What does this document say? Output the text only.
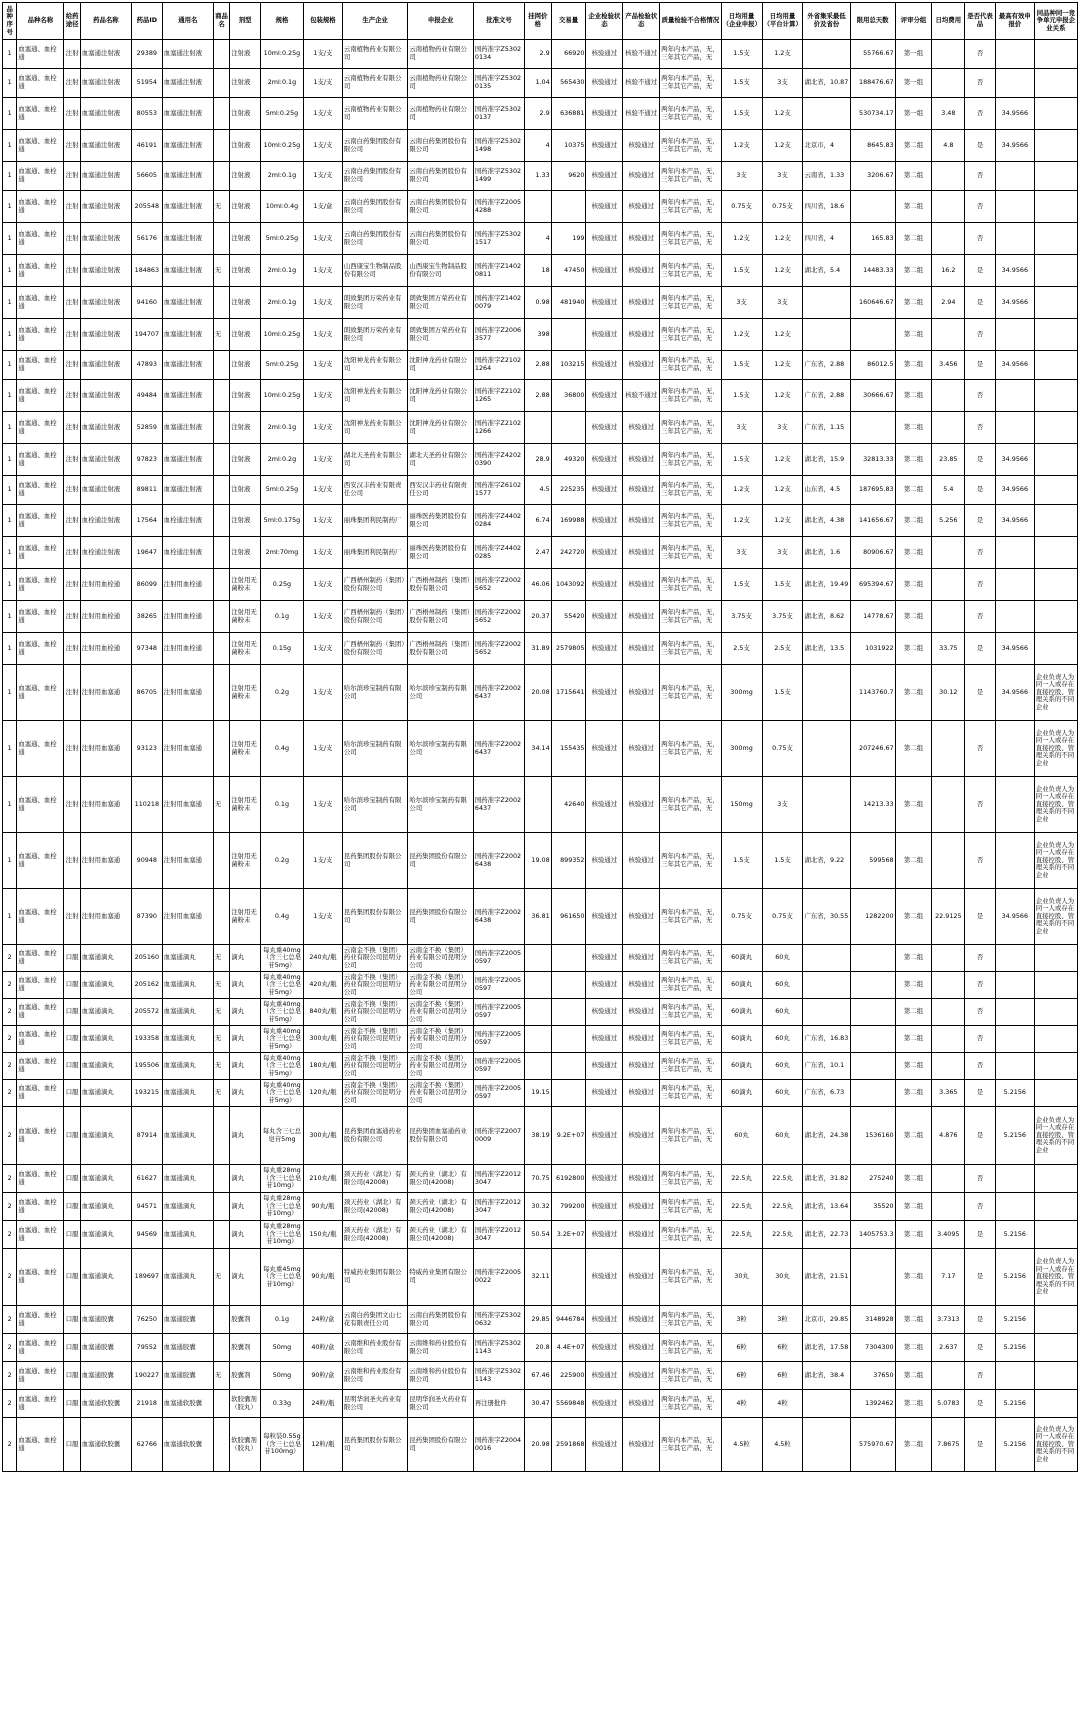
品种序号	品种名称	给药途径	药品名称	药品ID	通用名	商品名	剂型	规格	包装规格	生产企业	申报企业	批准文号	挂网价格	交易量	企业检验状态	产品检验状态	质量检验不合格情况	日均用量（企业申报）	日均用量（平台计算）	外省集采最低价及省份	限用总天数	评审分组	日均费用	是否代表品	最高有效申报价	同品种同一竞争单元申报企业关系
1	血塞通、血栓通	注射	血塞通注射液	29389	血塞通注射液		注射液	10ml:0.25g	1支/支	云南植物药业有限公司	云南植物药业有限公司	国药准字Z53020134	2.9	66920	核验通过	核验不通过	两年内本产品，无，三年其它产品，无	1.5支	1.2支		55766.67	第一组		否		
1	血塞通、血栓通	注射	血塞通注射液	51954	血塞通注射液		注射液	2ml:0.1g	1支/支	云南植物药业有限公司	云南植物药业有限公司	国药准字Z53020135	1.04	565430	核验通过	核验不通过	两年内本产品，无，三年其它产品，无	1.5支	3支	湖北省，10.87	188476.67	第一组		否		
1	血塞通、血栓通	注射	血塞通注射液	80553	血塞通注射液		注射液	5ml:0.25g	1支/支	云南植物药业有限公司	云南植物药业有限公司	国药准字Z53020137	2.9	636881	核验通过	核验不通过	两年内本产品，无，三年其它产品，无	1.5支	1.2支		530734.17	第一组	3.48	否	34.9566	
1	血塞通、血栓通	注射	血塞通注射液	46191	血塞通注射液		注射液	10ml:0.25g	1支/支	云南白药集团股份有限公司	云南白药集团股份有限公司	国药准字Z53021498	4	10375	核验通过	核验通过	两年内本产品，无，三年其它产品，无	1.2支	1.2支	北京市，4	8645.83	第二组	4.8	是	34.9566	
1	血塞通、血栓通	注射	血塞通注射液	56605	血塞通注射液		注射液	2ml:0.1g	1支/支	云南白药集团股份有限公司	云南白药集团股份有限公司	国药准字Z53021499	1.33	9620	核验通过	核验通过	两年内本产品，无，三年其它产品，无	3支	3支	云南省，1.33	3206.67	第二组		否		
1	血塞通、血栓通	注射	血塞通注射液	205548	血塞通注射液	无	注射液	10ml:0.4g	1支/盒	云南白药集团股份有限公司	云南白药集团股份有限公司	国药准字Z20054288			核验通过	核验通过	两年内本产品，无，三年其它产品，无	0.75支	0.75支	四川省，18.6		第二组		否		
1	血塞通、血栓通	注射	血塞通注射液	56176	血塞通注射液		注射液	5ml:0.25g	1支/支	云南白药集团股份有限公司	云南白药集团股份有限公司	国药准字Z53021517	4	199	核验通过	核验通过	两年内本产品，无，三年其它产品，无	1.2支	1.2支	四川省，4	165.83	第二组		否		
1	血塞通、血栓通	注射	血塞通注射液	184863	血塞通注射液	无	注射液	2ml:0.1g	1支/支	山西康宝生物制品股份有限公司	山西康宝生物制品股份有限公司	国药准字Z14020811	18	47450	核验通过	核验通过	两年内本产品，无，三年其它产品，无	1.5支	1.2支	湖北省，5.4	14483.33	第二组	16.2	是	34.9566	
1	血塞通、血栓通	注射	血塞通注射液	94160	血塞通注射液		注射液	2ml:0.1g	1支/支	朗致集团万荣药业有限公司	朗致集团万荣药业有限公司	国药准字Z14020079	0.98	481940	核验通过	核验通过	两年内本产品，无，三年其它产品，无	3支	3支		160646.67	第二组	2.94	是	34.9566	
1	血塞通、血栓通	注射	血塞通注射液	194707	血塞通注射液	无	注射液	10ml:0.25g	1支/支	朗致集团万荣药业有限公司	朗致集团万荣药业有限公司	国药准字Z20063577	398		核验通过	核验通过	两年内本产品，无，三年其它产品，无	1.2支	1.2支			第二组		否		
1	血塞通、血栓通	注射	血塞通注射液	47893	血塞通注射液		注射液	5ml:0.25g	1支/支	沈阳神龙药业有限公司	沈阳神龙药业有限公司	国药准字Z21021264	2.88	103215	核验通过	核验通过	两年内本产品，无，三年其它产品，无	1.5支	1.2支	广东省，2.88	86012.5	第二组	3.456	是	34.9566	
1	血塞通、血栓通	注射	血塞通注射液	49484	血塞通注射液		注射液	10ml:0.25g	1支/支	沈阳神龙药业有限公司	沈阳神龙药业有限公司	国药准字Z21021265	2.88	36800	核验通过	核验不通过	两年内本产品，无，三年其它产品，无	1.5支	1.2支	广东省，2.88	30666.67	第二组		否		
1	血塞通、血栓通	注射	血塞通注射液	52859	血塞通注射液		注射液	2ml:0.1g	1支/支	沈阳神龙药业有限公司	沈阳神龙药业有限公司	国药准字Z21021266			核验通过	核验通过	两年内本产品，无，三年其它产品，无	3支	3支	广东省，1.15		第二组		否		
1	血塞通、血栓通	注射	血塞通注射液	97823	血塞通注射液		注射液	2ml:0.2g	1支/支	湖北天圣药业有限公司	湖北天圣药业有限公司	国药准字Z42020390	28.9	49320	核验通过	核验通过	两年内本产品，无，三年其它产品，无	1.5支	1.2支	湖北省，15.9	32813.33	第二组	23.85	是	34.9566	
1	血塞通、血栓通	注射	血塞通注射液	89811	血塞通注射液		注射液	5ml:0.25g	1支/支	西安汉丰药业有限责任公司	西安汉丰药业有限责任公司	国药准字Z61021577	4.5	225235	核验通过	核验通过	两年内本产品，无，三年其它产品，无	1.2支	1.2支	山东省，4.5	187695.83	第二组	5.4	是	34.9566	
1	血塞通、血栓通	注射	血栓通注射液	17564	血栓通注射液		注射液	5ml:0.175g	1支/支	丽珠集团利民制药厂	丽珠医药集团股份有限公司	国药准字Z44020284	6.74	169988	核验通过	核验通过	两年内本产品，无，三年其它产品，无	1.2支	1.2支	湖北省，4.38	141656.67	第二组	5.256	是	34.9566	
1	血塞通、血栓通	注射	血栓通注射液	19647	血栓通注射液		注射液	2ml:70mg	1支/支	丽珠集团利民制药厂	丽珠医药集团股份有限公司	国药准字Z44020285	2.47	242720	核验通过	核验通过	两年内本产品，无，三年其它产品，无	3支	3支	湖北省，1.6	80906.67	第二组		否		
1	血塞通、血栓通	注射	注射用血栓通	86099	注射用血栓通		注射用无菌粉末	0.25g	1支/支	广西梧州制药（集团）股份有限公司	广西梧州制药（集团）股份有限公司	国药准字Z20025652	46.06	1043092	核验通过	核验通过	两年内本产品，无，三年其它产品，无	1.5支	1.5支	湖北省，19.49	695394.67	第二组		否		
1	血塞通、血栓通	注射	注射用血栓通	38265	注射用血栓通		注射用无菌粉末	0.1g	1支/支	广西梧州制药（集团）股份有限公司	广西梧州制药（集团）股份有限公司	国药准字Z20025652	20.37	55420	核验通过	核验通过	两年内本产品，无，三年其它产品，无	3.75支	3.75支	湖北省，8.62	14778.67	第二组		否		
1	血塞通、血栓通	注射	注射用血栓通	97348	注射用血栓通		注射用无菌粉末	0.15g	1支/支	广西梧州制药（集团）股份有限公司	广西梧州制药（集团）股份有限公司	国药准字Z20025652	31.89	2579805	核验通过	核验通过	两年内本产品，无，三年其它产品，无	2.5支	2.5支	湖北省，13.5	1031922	第二组	33.75	是	34.9566	
1	血塞通、血栓通	注射	注射用血塞通	86705	注射用血塞通		注射用无菌粉末	0.2g	1支/支	哈尔滨珍宝制药有限公司	哈尔滨珍宝制药有限公司	国药准字Z20026437	20.08	1715641	核验通过	核验通过	两年内本产品，无，三年其它产品，无	300mg	1.5支		1143760.7	第二组	30.12	是	34.9566	企业负责人为同一人或存在直接控股、管理关系的不同企业
1	血塞通、血栓通	注射	注射用血塞通	93123	注射用血塞通		注射用无菌粉末	0.4g	1支/支	哈尔滨珍宝制药有限公司	哈尔滨珍宝制药有限公司	国药准字Z20026437	34.14	155435	核验通过	核验通过	两年内本产品，无，三年其它产品，无	300mg	0.75支		207246.67	第二组		否		企业负责人为同一人或存在直接控股、管理关系的不同企业
1	血塞通、血栓通	注射	注射用血塞通	110218	注射用血塞通	无	注射用无菌粉末	0.1g	1支/支	哈尔滨珍宝制药有限公司	哈尔滨珍宝制药有限公司	国药准字Z20026437		42640	核验通过	核验通过	两年内本产品，无，三年其它产品，无	150mg	3支		14213.33	第二组		否		企业负责人为同一人或存在直接控股、管理关系的不同企业
1	血塞通、血栓通	注射	注射用血塞通	90948	注射用血塞通		注射用无菌粉末	0.2g	1支/支	昆药集团股份有限公司	昆药集团股份有限公司	国药准字Z20026438	19.08	899352	核验通过	核验通过	两年内本产品，无，三年其它产品，无	1.5支	1.5支	湖北省，9.22	599568	第二组		否		企业负责人为同一人或存在直接控股、管理关系的不同企业
1	血塞通、血栓通	注射	注射用血塞通	87390	注射用血塞通		注射用无菌粉末	0.4g	1支/支	昆药集团股份有限公司	昆药集团股份有限公司	国药准字Z20026438	36.81	961650	核验通过	核验通过	两年内本产品，无，三年其它产品，无	0.75支	0.75支	广东省，30.55	1282200	第二组	22.9125	是	34.9566	企业负责人为同一人或存在直接控股、管理关系的不同企业
2	血塞通、血栓通	口服	血塞通滴丸	205160	血塞通滴丸	无	滴丸	每丸重40mg（含三七总皂苷5mg）	240丸/瓶	云南金不换（集团）药业有限公司昆明分公司	云南金不换（集团）药业有限公司昆明分公司	国药准字Z20050597			核验通过	核验通过	两年内本产品，无，三年其它产品，无	60滴丸	60丸			第二组		否		
2	血塞通、血栓通	口服	血塞通滴丸	205162	血塞通滴丸	无	滴丸	每丸重40mg（含三七总皂苷5mg）	420丸/瓶	云南金不换（集团）药业有限公司昆明分公司	云南金不换（集团）药业有限公司昆明分公司	国药准字Z20050597			核验通过	核验通过	两年内本产品，无，三年其它产品，无	60滴丸	60丸			第二组		否		
2	血塞通、血栓通	口服	血塞通滴丸	205572	血塞通滴丸	无	滴丸	每丸重40mg（含三七总皂苷5mg）	840丸/瓶	云南金不换（集团）药业有限公司昆明分公司	云南金不换（集团）药业有限公司昆明分公司	国药准字Z20050597			核验通过	核验通过	两年内本产品，无，三年其它产品，无	60滴丸	60丸			第二组		否		
2	血塞通、血栓通	口服	血塞通滴丸	193358	血塞通滴丸	无	滴丸	每丸重40mg（含三七总皂苷5mg）	300丸/瓶	云南金不换（集团）药业有限公司昆明分公司	云南金不换（集团）药业有限公司昆明分公司	国药准字Z20050597			核验通过	核验通过	两年内本产品，无，三年其它产品，无	60滴丸	60丸	广东省，16.83		第二组		否		
2	血塞通、血栓通	口服	血塞通滴丸	195506	血塞通滴丸	无	滴丸	每丸重40mg（含三七总皂苷5mg）	180丸/瓶	云南金不换（集团）药业有限公司昆明分公司	云南金不换（集团）药业有限公司昆明分公司	国药准字Z20050597			核验通过	核验通过	两年内本产品，无，三年其它产品，无	60滴丸	60丸	广东省，10.1		第二组		否		
2	血塞通、血栓通	口服	血塞通滴丸	193215	血塞通滴丸	无	滴丸	每丸重40mg（含三七总皂苷5mg）	120丸/瓶	云南金不换（集团）药业有限公司昆明分公司	云南金不换（集团）药业有限公司昆明分公司	国药准字Z20050597	19.15		核验通过	核验通过	两年内本产品，无，三年其它产品，无	60滴丸	60丸	广东省，6.73		第二组	3.365	是	5.2156	
2	血塞通、血栓通	口服	血塞通滴丸	87914	血塞通滴丸		滴丸	每丸含三七总皂苷5mg	300丸/瓶	昆药集团血塞通药业股份有限公司	昆药集团血塞通药业股份有限公司	国药准字Z20070009	38.19	9.2E+07	核验通过	核验通过	两年内本产品，无，三年其它产品，无	60丸	60丸	湖北省，24.38	1536160	第二组	4.876	是	5.2156	企业负责人为同一人或存在直接控股、管理关系的不同企业
2	血塞通、血栓通	口服	血塞通滴丸	61627	血塞通滴丸		滴丸	每丸重28mg（含三七总皂苷10mg）	210丸/瓶	颈天药业（湖北）有限公司(42008)	颈天药业（湖北）有限公司(42008)	国药准字Z20123047	70.75	6192800	核验通过	核验通过	两年内本产品，无，三年其它产品，无	22.5丸	22.5丸	湖北省，31.82	275240	第二组		否		
2	血塞通、血栓通	口服	血塞通滴丸	94571	血塞通滴丸		滴丸	每丸重28mg（含三七总皂苷10mg）	90丸/瓶	颈天药业（湖北）有限公司(42008)	颈天药业（湖北）有限公司(42008)	国药准字Z20123047	30.32	799200	核验通过	核验通过	两年内本产品，无，三年其它产品，无	22.5丸	22.5丸	湖北省，13.64	35520	第二组		否		
2	血塞通、血栓通	口服	血塞通滴丸	94569	血塞通滴丸		滴丸	每丸重28mg（含三七总皂苷10mg）	150丸/瓶	颈天药业（湖北）有限公司(42008)	颈天药业（湖北）有限公司(42008)	国药准字Z20123047	50.54	3.2E+07	核验通过	核验通过	两年内本产品，无，三年其它产品，无	22.5丸	22.5丸	湖北省，22.73	1405753.3	第二组	3.4095	是	5.2156	
2	血塞通、血栓通	口服	血塞通滴丸	189697	血塞通滴丸	无	滴丸	每丸重45mg（含三七总皂苷10mg）	90丸/瓶	特威药业集团有限公司	特威药业集团有限公司	国药准字Z20050022	32.11		核验通过	核验通过	两年内本产品，无，三年其它产品，无	30丸	30丸	湖北省，21.51		第二组	7.17	是	5.2156	企业负责人为同一人或存在直接控股、管理关系的不同企业
2	血塞通、血栓通	口服	血塞通胶囊	76250	血塞通胶囊		胶囊剂	0.1g	24粒/盒	云南白药集团文山七花有限责任公司	云南白药集团股份有限公司	国药准字Z53020632	29.85	9446784	核验通过	核验通过	两年内本产品，无，三年其它产品，无	3粒	3粒	北京市，29.85	3148928	第二组	3.7313	是	5.2156	
2	血塞通、血栓通	口服	血塞通胶囊	79552	血塞通胶囊		胶囊剂	50mg	40粒/盒	云南维和药业股份有限公司	云南维和药业股份有限公司	国药准字Z53021143	20.8	4.4E+07	核验通过	核验通过	两年内本产品，无，三年其它产品，无	6粒	6粒	湖北省，17.58	7304300	第二组	2.637	是	5.2156	
2	血塞通、血栓通	口服	血塞通胶囊	190227	血塞通胶囊	无	胶囊剂	50mg	90粒/盒	云南维和药业股份有限公司	云南维和药业股份有限公司	国药准字Z53021143	67.46	225900	核验通过	核验通过	两年内本产品，无，三年其它产品，无	6粒	6粒	湖北省，38.4	37650	第二组		否		
2	血塞通、血栓通	口服	血塞通软胶囊	21918	血塞通软胶囊		软胶囊剂（胶丸）	0.33g	24粒/瓶	昆明华润圣火药业有限公司	昆明华润圣火药业有限公司	再注册批件	30.47	5569848	核验通过	核验通过	两年内本产品，无，三年其它产品，无	4粒	4粒		1392462	第二组	5.0783	是	5.2156	
2	血塞通、血栓通	口服	血塞通软胶囊	62766	血塞通软胶囊		软胶囊剂（胶丸）	每粒装0.55g（含三七总皂苷100mg）	12粒/瓶	昆药集团股份有限公司	昆药集团股份有限公司	国药准字Z20040016	20.98	2591868	核验通过	核验通过	两年内本产品，无，三年其它产品，无	4.5粒	4.5粒		575970.67	第二组	7.8675	是	5.2156	企业负责人为同一人或存在直接控股、管理关系的不同企业
